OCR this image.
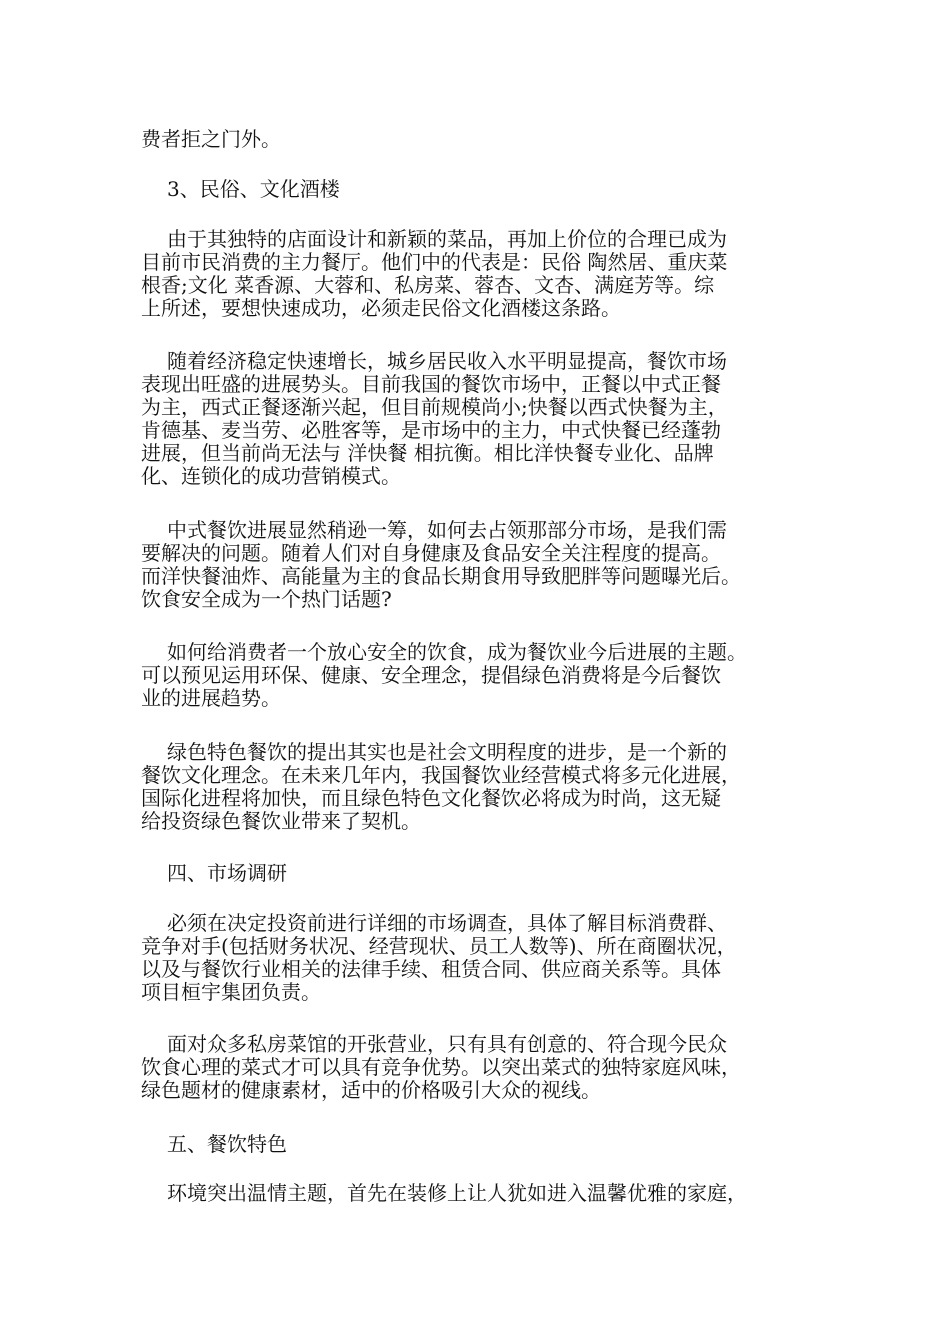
费者拒之门外。

3、民俗、文化酒楼

由于其独特的店面设计和新颖的菜品，再加上价位的合理已成为
目前市民消费的主力餐厅。他们中的代表是：民俗 陶然居、重庆菜
根香;文化 菜香源、大蓉和、私房菜、蓉杏、文杏、满庭芳等。综
上所述，要想快速成功，必须走民俗文化酒楼这条路。

随着经济稳定快速增长，城乡居民收入水平明显提高，餐饮市场
表现出旺盛的进展势头。目前我国的餐饮市场中，正餐以中式正餐
为主，西式正餐逐渐兴起，但目前规模尚小;快餐以西式快餐为主，
肯德基、麦当劳、必胜客等，是市场中的主力，中式快餐已经蓬勃
进展，但当前尚无法与 洋快餐 相抗衡。相比洋快餐专业化、品牌
化、连锁化的成功营销模式。

中式餐饮进展显然稍逊一筹，如何去占领那部分市场，是我们需
要解决的问题。随着人们对自身健康及食品安全关注程度的提高。
而洋快餐油炸、高能量为主的食品长期食用导致肥胖等问题曝光后。
饮食安全成为一个热门话题?

如何给消费者一个放心安全的饮食，成为餐饮业今后进展的主题。
可以预见运用环保、健康、安全理念，提倡绿色消费将是今后餐饮
业的进展趋势。

绿色特色餐饮的提出其实也是社会文明程度的进步，是一个新的
餐饮文化理念。在未来几年内，我国餐饮业经营模式将多元化进展，
国际化进程将加快，而且绿色特色文化餐饮必将成为时尚，这无疑
给投资绿色餐饮业带来了契机。

四、市场调研

必须在决定投资前进行详细的市场调查，具体了解目标消费群、
竞争对手(包括财务状况、经营现状、员工人数等)、所在商圈状况，
以及与餐饮行业相关的法律手续、租赁合同、供应商关系等。具体
项目桓宇集团负责。

面对众多私房菜馆的开张营业，只有具有创意的、符合现今民众
饮食心理的菜式才可以具有竞争优势。以突出菜式的独特家庭风味，
绿色题材的健康素材，适中的价格吸引大众的视线。

五、餐饮特色

环境突出温情主题，首先在装修上让人犹如进入温馨优雅的家庭，
